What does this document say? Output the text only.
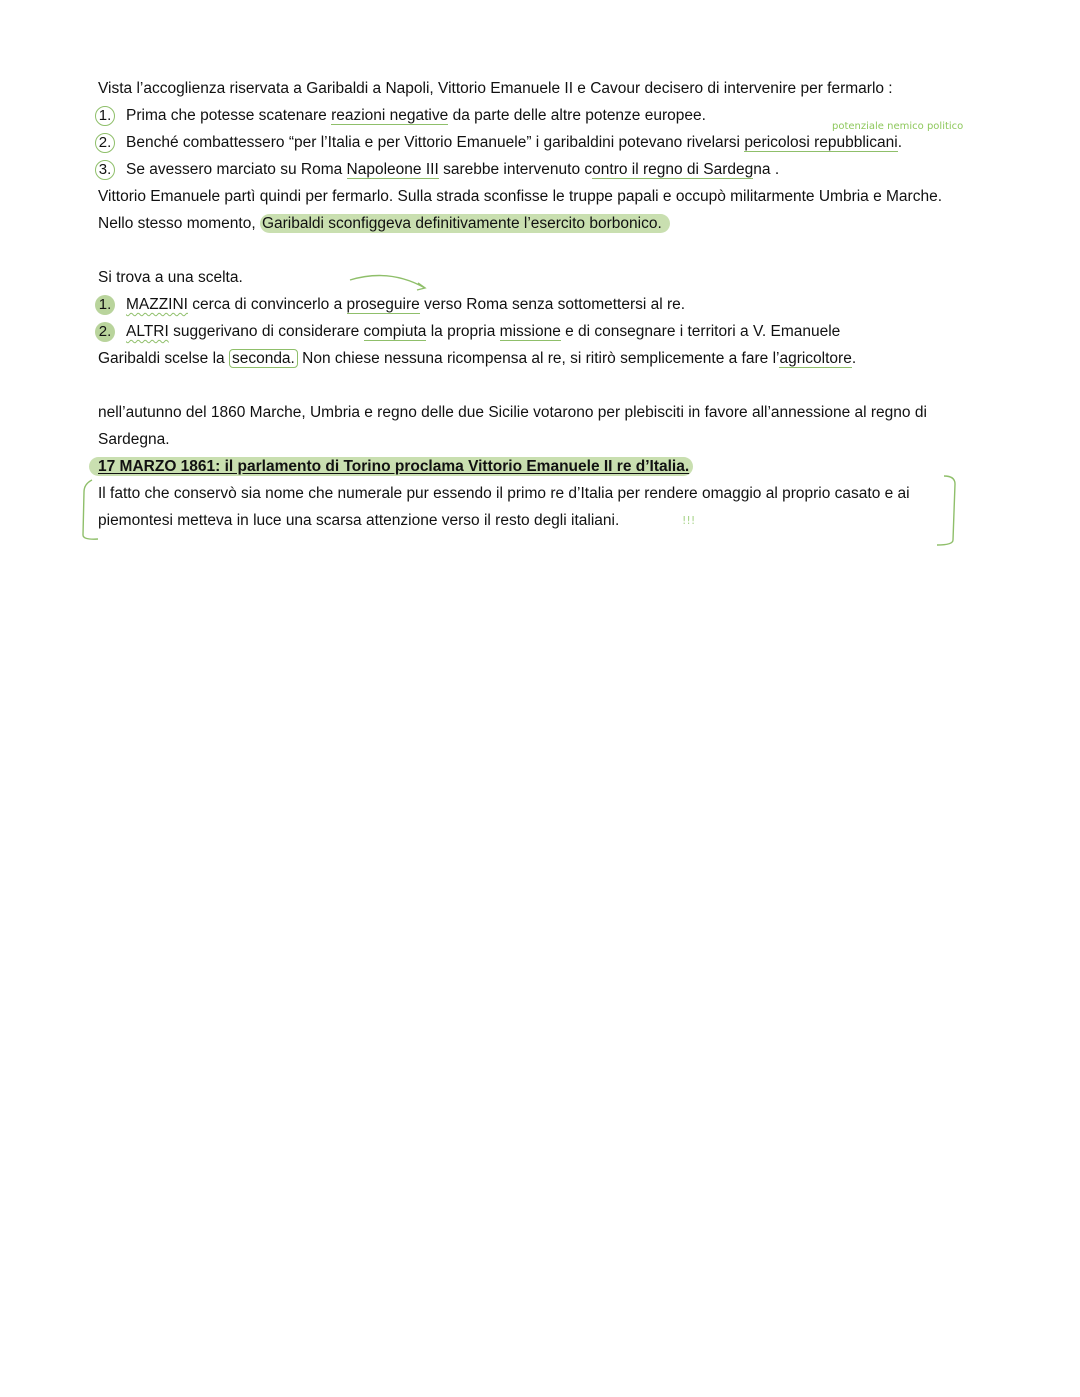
Vista l’accoglienza riservata a Garibaldi a Napoli, Vittorio Emanuele II e Cavour decisero di intervenire per fermarlo :
1. Prima che potesse scatenare reazioni negative da parte delle altre potenze europee.
2. Benché combattessero “per l’Italia e per Vittorio Emanuele” i garibaldini potevano rivelarsi pericolosi repubblicani.
3. Se avessero marciato su Roma Napoleone III sarebbe intervenuto contro il regno di Sardegna .
potenziale nemico politico
Vittorio Emanuele partì quindi per fermarlo. Sulla strada sconfisse le truppe papali e occupò militarmente Umbria e Marche.
Nello stesso momento, Garibaldi sconfiggeva definitivamente l’esercito borbonico.
Si trova a una scelta.
1. MAZZINI cerca di convincerlo a proseguire verso Roma senza sottomettersi al re.
2. ALTRI suggerivano di considerare compiuta la propria missione e di consegnare i territori a V. Emanuele
Garibaldi scelse la seconda. Non chiese nessuna ricompensa al re, si ritirò semplicemente a fare l’agricoltore.
nell’autunno del 1860 Marche, Umbria e regno delle due Sicilie votarono per plebisciti in favore all’annessione al regno di
Sardegna.
17 MARZO 1861: il parlamento di Torino proclama Vittorio Emanuele II re d’Italia.
Il fatto che conservò sia nome che numerale pur essendo il primo re d’Italia per rendere omaggio al proprio casato e ai
piemontesi metteva in luce una scarsa attenzione verso il resto degli italiani.	!!!
